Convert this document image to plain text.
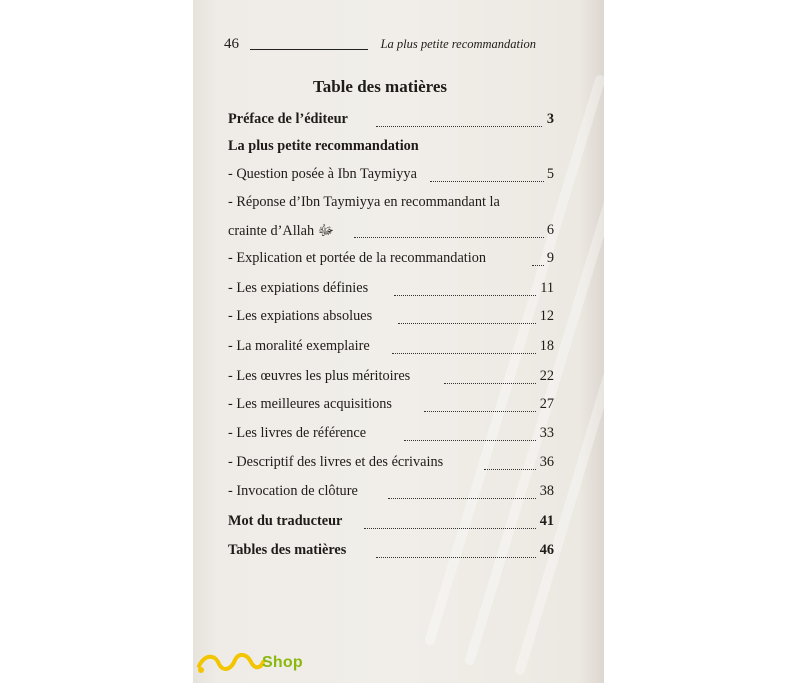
46	La plus petite recommandation
Table des matières
Préface de l’éditeur	3
La plus petite recommandation
- Question posée à Ibn Taymiyya	5
- Réponse d’Ibn Taymiyya en recommandant la
crainte d’Allah ﷻ	6
- Explication et portée de la recommandation	9
- Les expiations définies	11
- Les expiations absolues	12
- La moralité exemplaire	18
- Les œuvres les plus méritoires	22
- Les meilleures acquisitions	27
- Les livres de référence	33
- Descriptif des livres et des écrivains	36
- Invocation de clôture	38
Mot du traducteur	41
Tables des matières	46
Shop
